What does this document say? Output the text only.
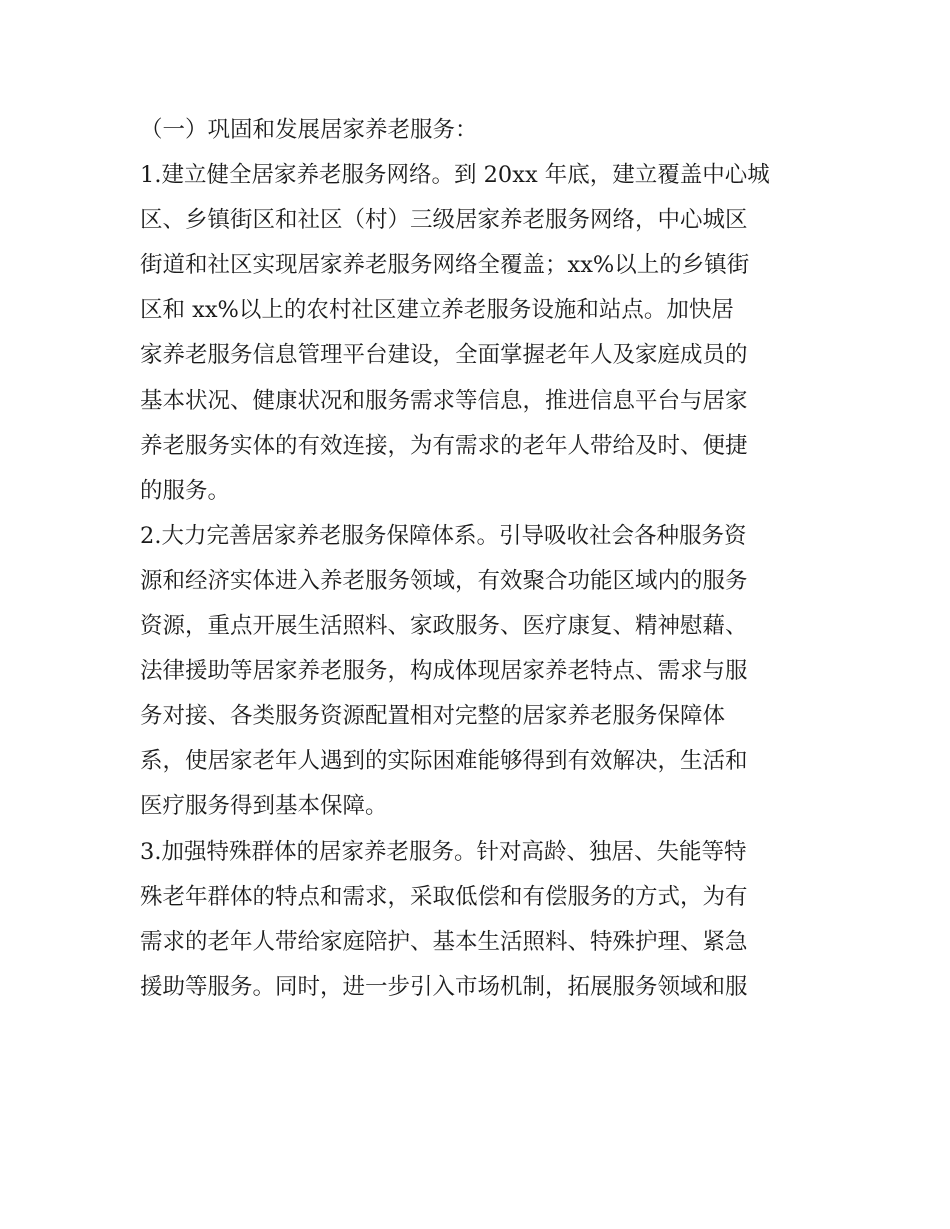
（一）巩固和发展居家养老服务：
1.建立健全居家养老服务网络。到 20xx 年底，建立覆盖中心城
区、乡镇街区和社区（村）三级居家养老服务网络，中心城区
街道和社区实现居家养老服务网络全覆盖；xx%以上的乡镇街
区和 xx%以上的农村社区建立养老服务设施和站点。加快居
家养老服务信息管理平台建设，全面掌握老年人及家庭成员的
基本状况、健康状况和服务需求等信息，推进信息平台与居家
养老服务实体的有效连接，为有需求的老年人带给及时、便捷
的服务。
2.大力完善居家养老服务保障体系。引导吸收社会各种服务资
源和经济实体进入养老服务领域，有效聚合功能区域内的服务
资源，重点开展生活照料、家政服务、医疗康复、精神慰藉、
法律援助等居家养老服务，构成体现居家养老特点、需求与服
务对接、各类服务资源配置相对完整的居家养老服务保障体
系，使居家老年人遇到的实际困难能够得到有效解决，生活和
医疗服务得到基本保障。
3.加强特殊群体的居家养老服务。针对高龄、独居、失能等特
殊老年群体的特点和需求，采取低偿和有偿服务的方式，为有
需求的老年人带给家庭陪护、基本生活照料、特殊护理、紧急
援助等服务。同时，进一步引入市场机制，拓展服务领域和服
